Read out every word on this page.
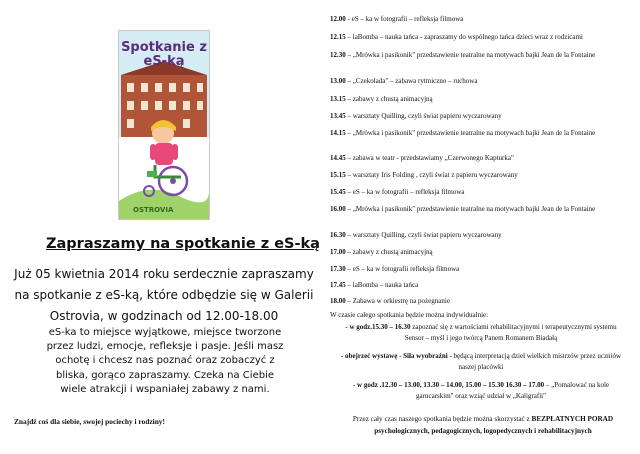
Spotkanie z eS-ką
OSTROVIA
Zapraszamy na spotkanie z eS-ką
Już 05 kwietnia 2014 roku serdecznie zapraszamy na spotkanie z eS-ką, które odbędzie się w Galerii Ostrovia, w godzinach od 12.00-18.00
eS-ka to miejsce wyjątkowe, miejsce tworzone przez ludzi, emocje, refleksje i pasje. Jeśli masz ochotę i chcesz nas poznać oraz zobaczyć z bliska, gorąco zapraszamy. Czeka na Ciebie wiele atrakcji i wspaniałej zabawy z nami.
Znajdź coś dla siebie, swojej pociechy i rodziny!
12.00 - eS – ka w fotografii – refleksja filmowa
12.15 – laBomba – nauka tańca - zapraszamy do wspólnego tańca dzieci wraz z rodzicami
12.30 – „Mrówka i pasikonik" przedstawienie teatralne na motywach bajki Jean de la Fontaine
13.00 – „Czekolada" – zabawa rytmiczno – ruchowa
13.15 – zabawy z chustą animacyjną
13.45 – warsztaty Quilling, czyli świat papieru wyczarowany
14.15 – „Mrówka i pasikonik" przedstawienie teatralne na motywach bajki Jean de la Fontaine
14.45 – zabawa w teatr - przedstawiamy „Czerwonego Kapturka"
15.15 – warsztaty Iris Folding , czyli świat z papieru wyczarowany
15.45 – eS – ka w fotografii – refleksja filmowa
16.00 – „Mrówka i pasikonik" przedstawienie teatralne na motywach bajki Jean de la Fontaine
16.30 – warsztaty Quilling, czyli świat papieru wyczarowany
17.00 – zabawy z chustą animacyjną
17.30 – eS – ka w fotografii refleksja filmowa
17.45 – laBomba – nauka tańca
18.00 – Zabawa w orkiestrę na pożegnanie
W czasie całego spotkania będzie można indywidualnie:
- w godz.15.30 – 16.30 zapoznać się z wartościami rehabilitacyjnymi i terapeutycznymi systemu Sensor – myśl i jego twórcą Panem Romanem Biadałą
- obejrzeć wystawę - Siła wyobraźni - będącą interpretacją dzieł wielkich mistrzów przez uczniów naszej placówki
- w godz .12.30 – 13.00, 13.30 – 14.00, 15.00 – 15.30 16.30 – 17.00 – „Pomalować na kole garncarskim" oraz wziąć udział w „Kaligrafii"
Przez cały czas naszego spotkania będzie można skorzystać z BEZPŁATNYCH PORAD psychologicznych, pedagogicznych, logopedycznych i rehabilitacyjnych
